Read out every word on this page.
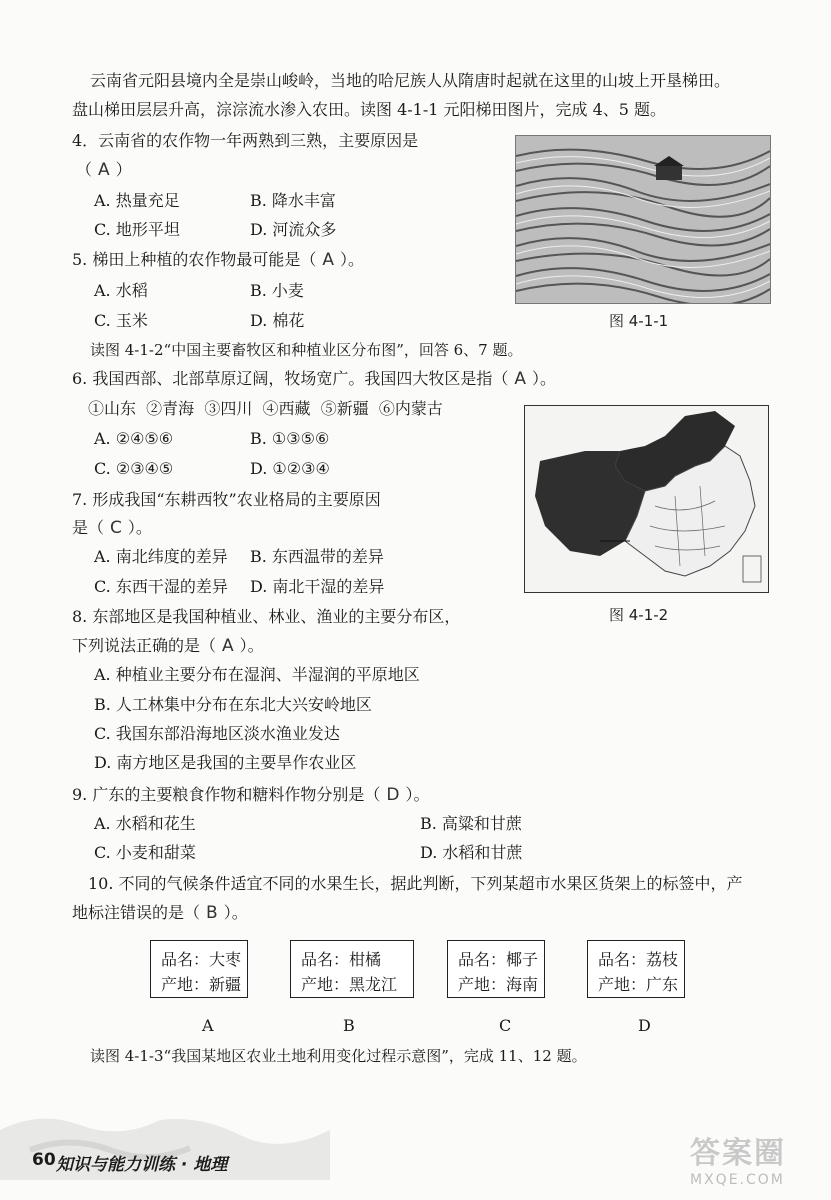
云南省元阳县境内全是崇山峻岭，当地的哈尼族人从隋唐时起就在这里的山坡上开垦梯田。
盘山梯田层层升高，淙淙流水渗入农田。读图 4-1-1 元阳梯田图片，完成 4、5 题。
4．云南省的农作物一年两熟到三熟，主要原因是
（ A ）
A. 热量充足	B. 降水丰富
C. 地形平坦	D. 河流众多
5. 梯田上种植的农作物最可能是（ A ）。
A. 水稻	B. 小麦
C. 玉米	D. 棉花	图 4-1-1
读图 4-1-2“中国主要畜牧区和种植业区分布图”，回答 6、7 题。
6. 我国西部、北部草原辽阔，牧场宽广。我国四大牧区是指（ A ）。
①山东  ②青海  ③四川  ④西藏  ⑤新疆  ⑥内蒙古
A. ②④⑤⑥	B. ①③⑤⑥
C. ②③④⑤	D. ①②③④
图 4-1-2
7. 形成我国“东耕西牧”农业格局的主要原因
是（ C ）。
A. 南北纬度的差异 B. 东西温带的差异
C. 东西干湿的差异 D. 南北干湿的差异
8. 东部地区是我国种植业、林业、渔业的主要分布区，
下列说法正确的是（ A ）。
A. 种植业主要分布在湿润、半湿润的平原地区
B. 人工林集中分布在东北大兴安岭地区
C. 我国东部沿海地区淡水渔业发达
D. 南方地区是我国的主要旱作农业区
9. 广东的主要粮食作物和糖料作物分别是（ D ）。
A. 水稻和花生	B. 高粱和甘蔗
C. 小麦和甜菜	D. 水稻和甘蔗
10. 不同的气候条件适宜不同的水果生长，据此判断，下列某超市水果区货架上的标签中，产
地标注错误的是（ B ）。
品名：大枣
产地：新疆
品名：柑橘
产地：黑龙江
品名：椰子
产地：海南
品名：荔枝
产地：广东
A	B	C	D
读图 4-1-3“我国某地区农业土地利用变化过程示意图”，完成 11、12 题。
60 知识与能力训练 · 地理	答案圈
MXQE.COM
